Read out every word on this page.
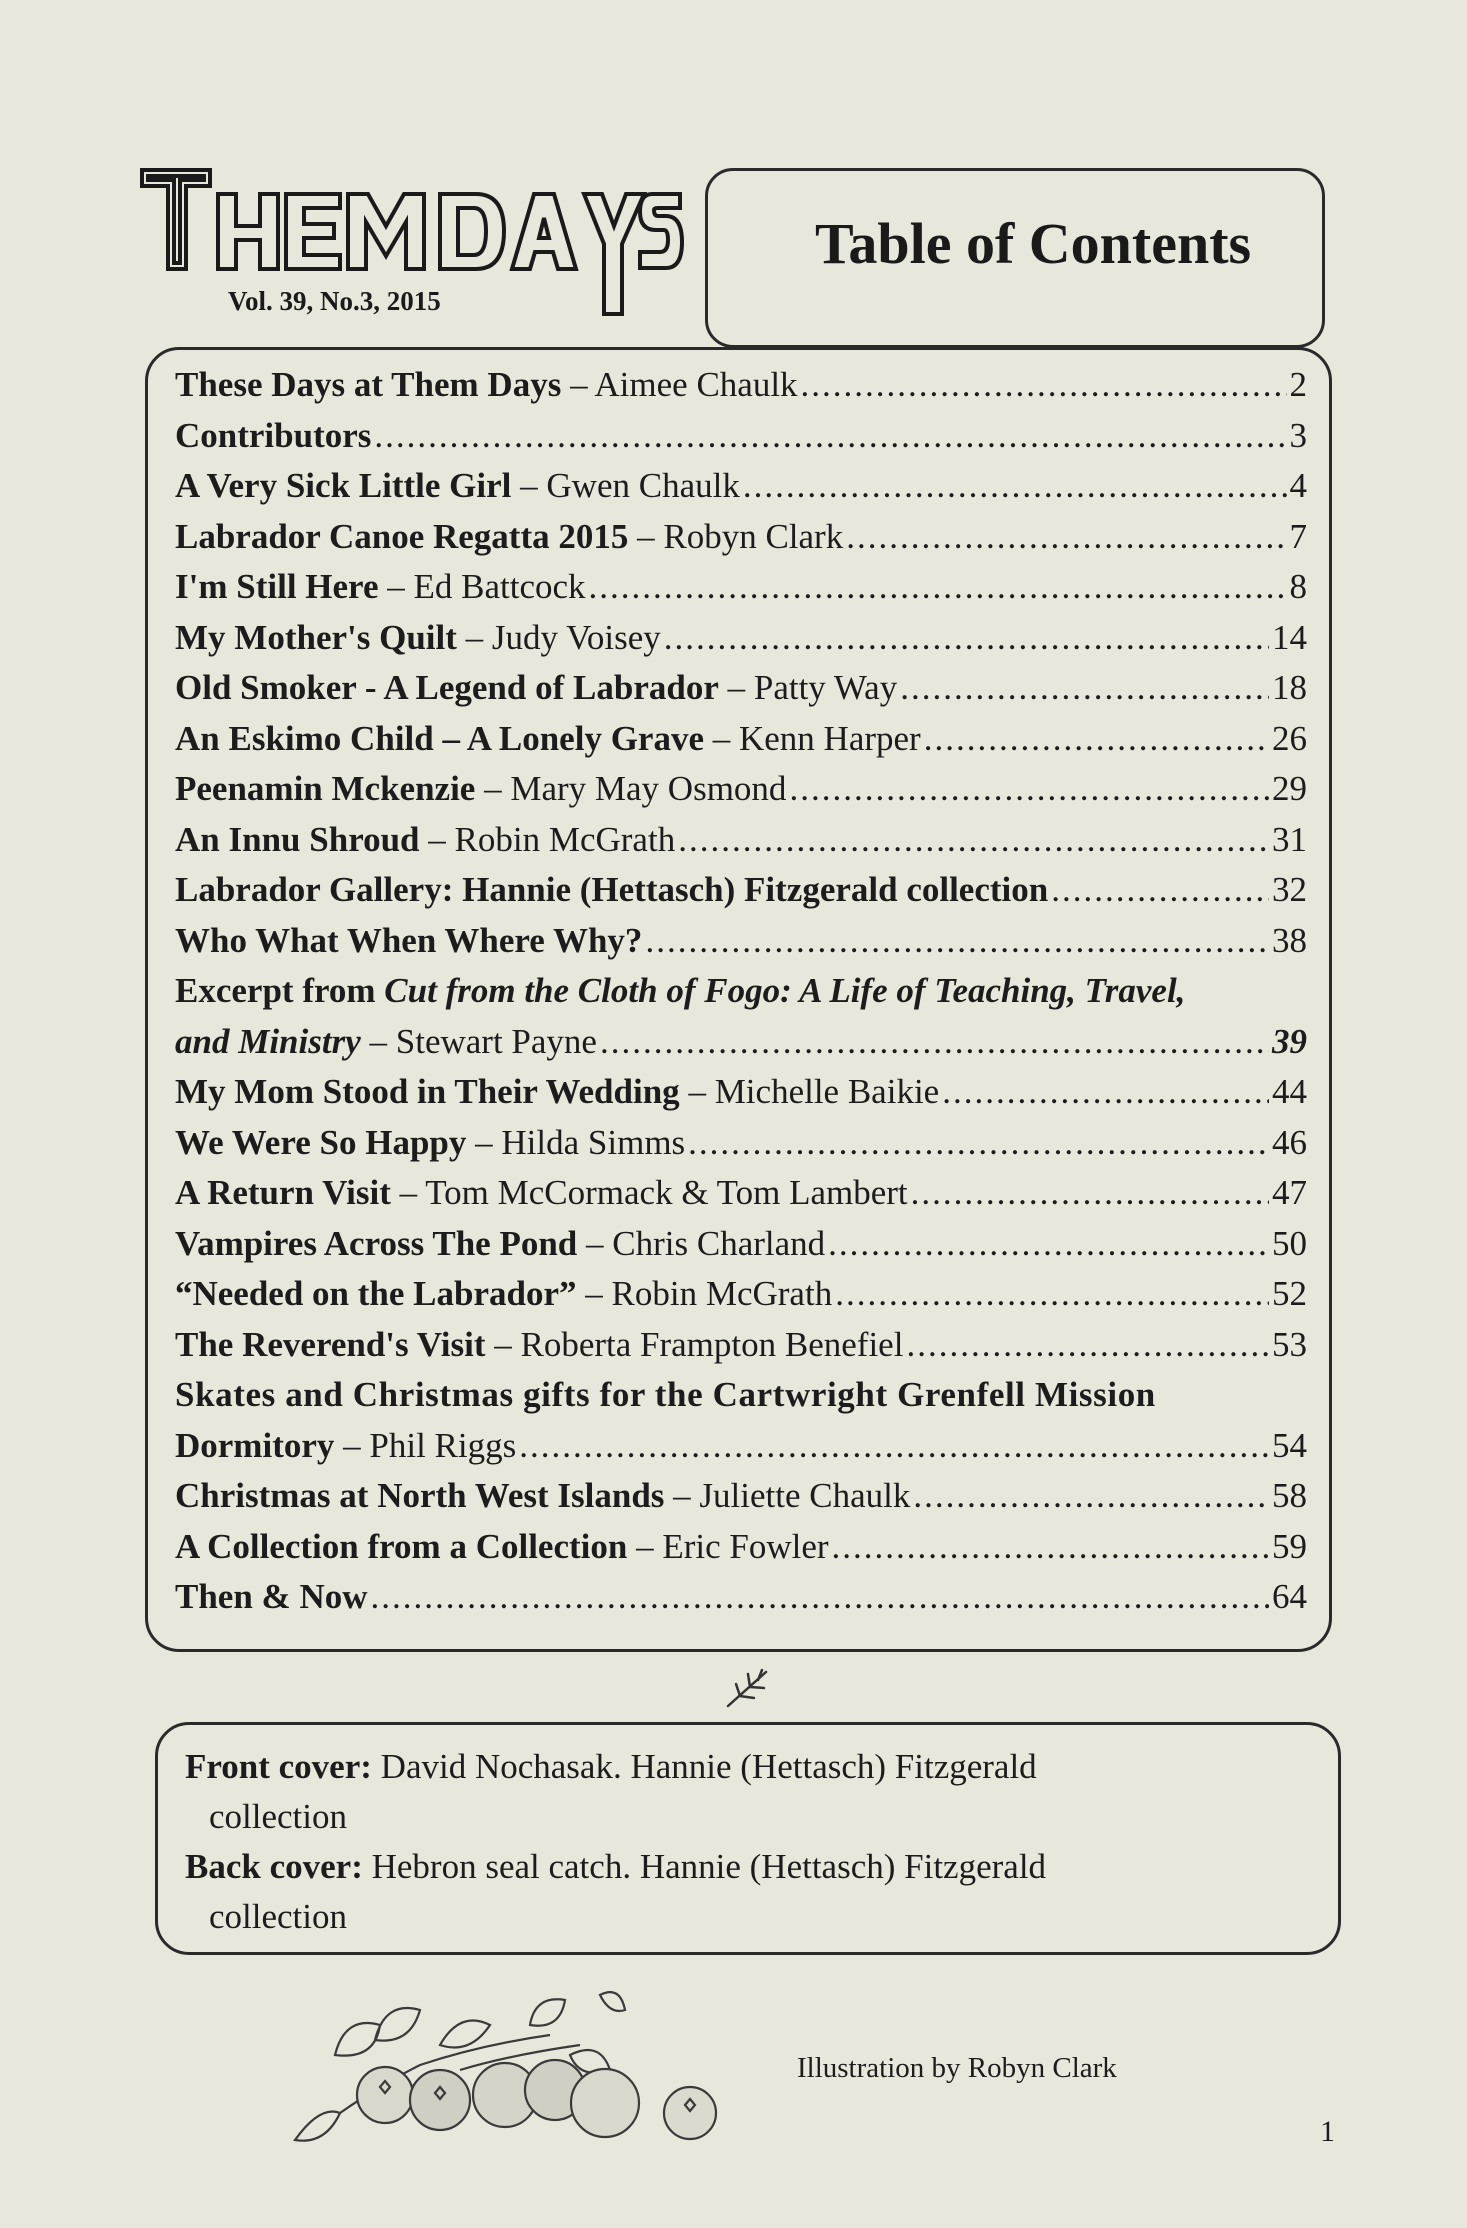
Vol. 39, No.3, 2015
Table of Contents
These Days at Them Days – Aimee Chaulk .....	2
Contributors .....	3
A Very Sick Little Girl – Gwen Chaulk .....	4
Labrador Canoe Regatta 2015 – Robyn Clark .....	7
I'm Still Here – Ed Battcock .....	8
My Mother's Quilt – Judy Voisey .....	14
Old Smoker - A Legend of Labrador – Patty Way .....	18
An Eskimo Child – A Lonely Grave – Kenn Harper .....	26
Peenamin Mckenzie – Mary May Osmond .....	29
An Innu Shroud – Robin McGrath .....	31
Labrador Gallery: Hannie (Hettasch) Fitzgerald collection .....	32
Who What When Where Why? .....	38
Excerpt from Cut from the Cloth of Fogo: A Life of Teaching, Travel,
and Ministry – Stewart Payne .....	39
My Mom Stood in Their Wedding – Michelle Baikie .....	44
We Were So Happy – Hilda Simms .....	46
A Return Visit – Tom McCormack & Tom Lambert .....	47
Vampires Across The Pond – Chris Charland .....	50
“Needed on the Labrador” – Robin McGrath .....	52
The Reverend's Visit – Roberta Frampton Benefiel .....	53
Skates and Christmas gifts for the Cartwright Grenfell Mission
Dormitory – Phil Riggs .....	54
Christmas at North West Islands – Juliette Chaulk .....	58
A Collection from a Collection – Eric Fowler .....	59
Then & Now .....	64
Front cover: David Nochasak. Hannie (Hettasch) Fitzgerald
collection
Back cover: Hebron seal catch. Hannie (Hettasch) Fitzgerald
collection
Illustration by Robyn Clark
1
